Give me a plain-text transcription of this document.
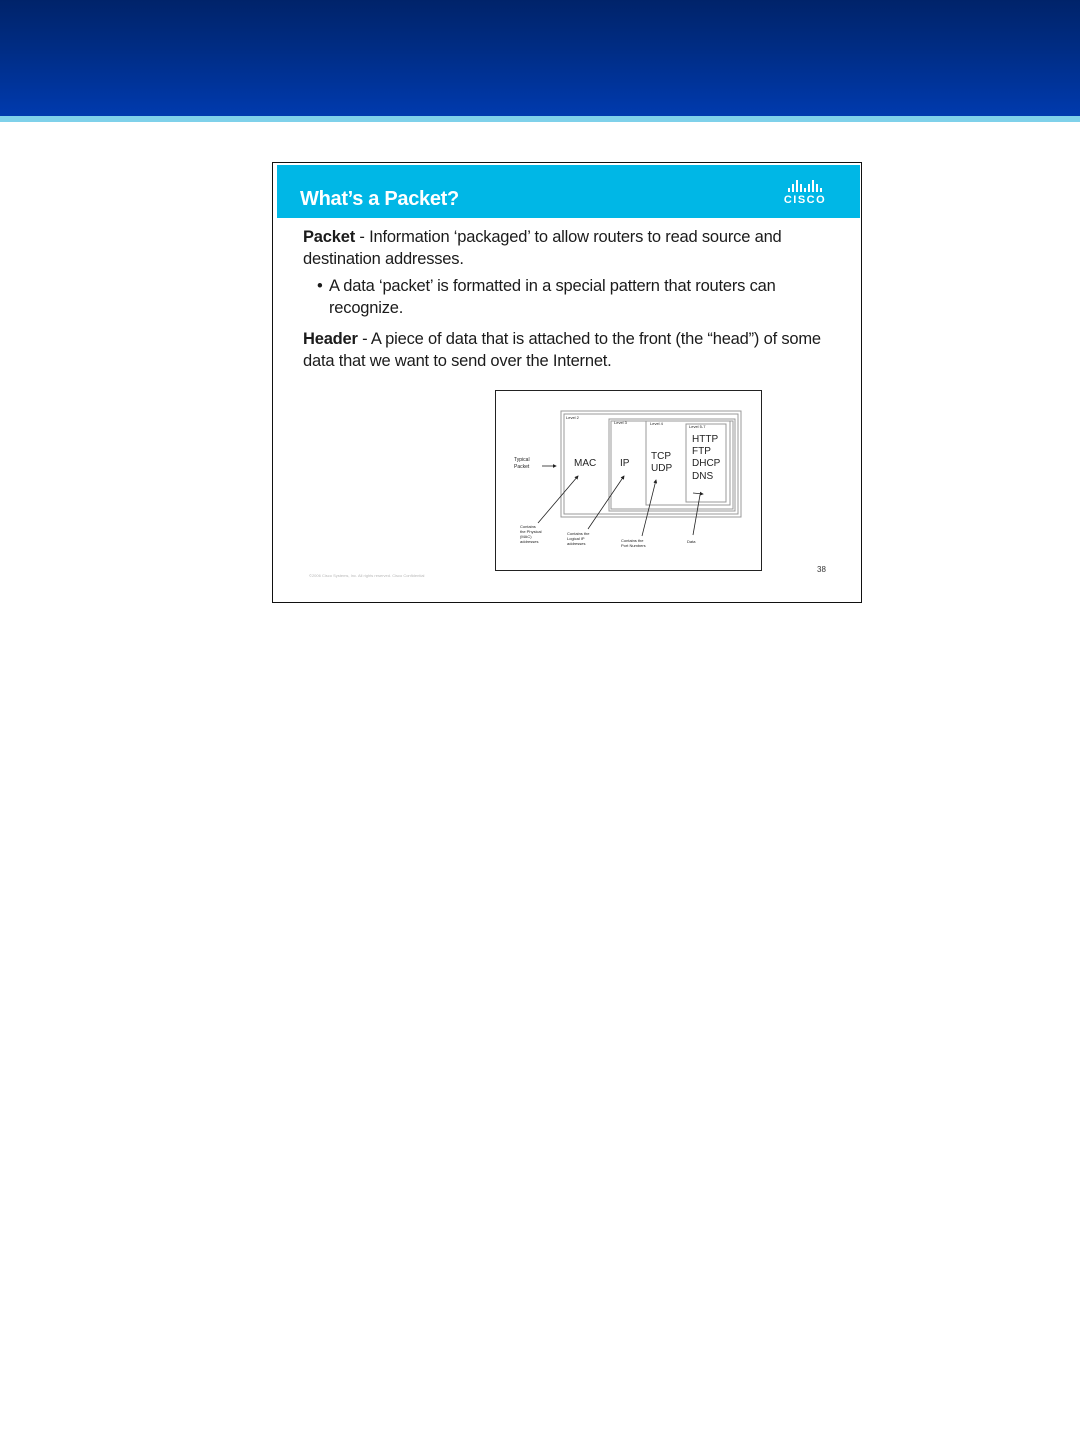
What’s a Packet?	CISCO

Packet - Information ‘packaged’ to allow routers to read source and destination addresses.

• A data ‘packet’ is formatted in a special pattern that routers can recognize.

Header - A piece of data that is attached to the front (the “head”) of some data that we want to send over the Internet.

Level 2
Level 3	Level 4
Level 5-7
Typical
Packet	MAC IP
TCP
UDP
HTTP
FTP
DHCP
DNS
Contains
the Physical
(MAC)
addresses
Contains the
Logical IP
addresses
Contains the
Port Numbers
Data
©2006 Cisco Systems, Inc. All rights reserved. Cisco Confidential
38
